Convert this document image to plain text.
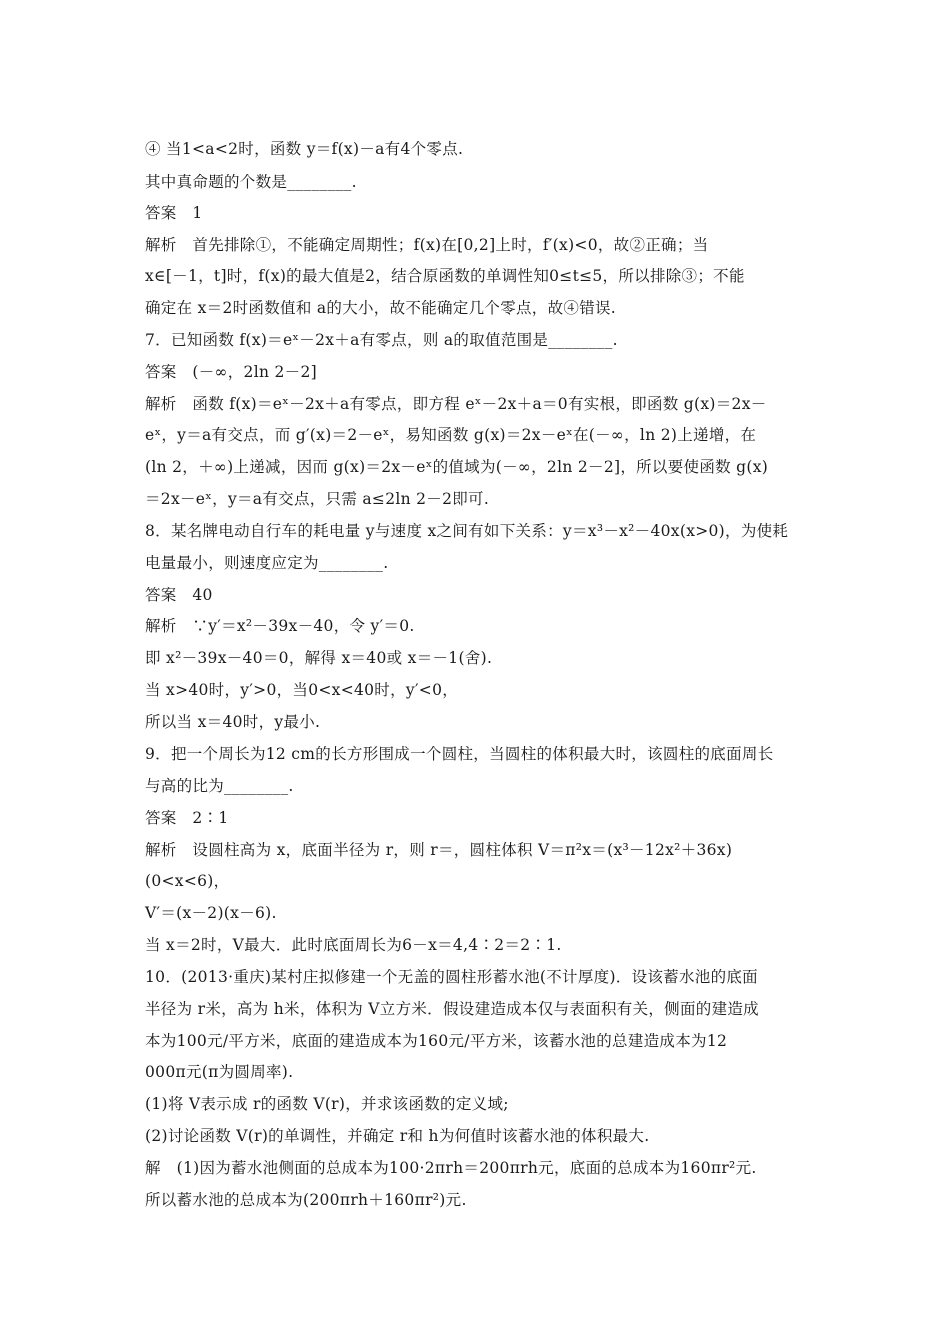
④ 当1<a<2时，函数 y＝f(x)－a有4个零点.
其中真命题的个数是________.
答案　1
解析　首先排除①，不能确定周期性；f(x)在[0,2]上时，f′(x)<0，故②正确；当
x∈[－1，t]时，f(x)的最大值是2，结合原函数的单调性知0≤t≤5，所以排除③；不能
确定在 x＝2时函数值和 a的大小，故不能确定几个零点，故④错误.
7．已知函数 f(x)＝eˣ－2x＋a有零点，则 a的取值范围是________.
答案　(－∞，2ln 2－2]
解析　函数 f(x)＝eˣ－2x＋a有零点，即方程 eˣ－2x＋a＝0有实根，即函数 g(x)＝2x－
eˣ，y＝a有交点，而 g′(x)＝2－eˣ，易知函数 g(x)＝2x－eˣ在(－∞，ln 2)上递增，在
(ln 2，＋∞)上递减，因而 g(x)＝2x－eˣ的值域为(－∞，2ln 2－2]，所以要使函数 g(x)
＝2x－eˣ，y＝a有交点，只需 a≤2ln 2－2即可.
8．某名牌电动自行车的耗电量 y与速度 x之间有如下关系：y＝x³－x²－40x(x>0)，为使耗
电量最小，则速度应定为________.
答案　40
解析　∵y′＝x²－39x－40，令 y′＝0.
即 x²－39x－40＝0，解得 x＝40或 x＝－1(舍).
当 x>40时，y′>0，当0<x<40时，y′<0，
所以当 x＝40时，y最小.
9．把一个周长为12 cm的长方形围成一个圆柱，当圆柱的体积最大时，该圆柱的底面周长
与高的比为________.
答案　2∶1
解析　设圆柱高为 x，底面半径为 r，则 r＝，圆柱体积 V＝π²x＝(x³－12x²＋36x)
(0<x<6)，
V′＝(x－2)(x－6).
当 x＝2时，V最大．此时底面周长为6－x＝4,4∶2＝2∶1.
10．(2013·重庆)某村庄拟修建一个无盖的圆柱形蓄水池(不计厚度)．设该蓄水池的底面
半径为 r米，高为 h米，体积为 V立方米．假设建造成本仅与表面积有关，侧面的建造成
本为100元/平方米，底面的建造成本为160元/平方米，该蓄水池的总建造成本为12
000π元(π为圆周率).
(1)将 V表示成 r的函数 V(r)，并求该函数的定义域;
(2)讨论函数 V(r)的单调性，并确定 r和 h为何值时该蓄水池的体积最大.
解　(1)因为蓄水池侧面的总成本为100·2πrh＝200πrh元，底面的总成本为160πr²元.
所以蓄水池的总成本为(200πrh＋160πr²)元.
